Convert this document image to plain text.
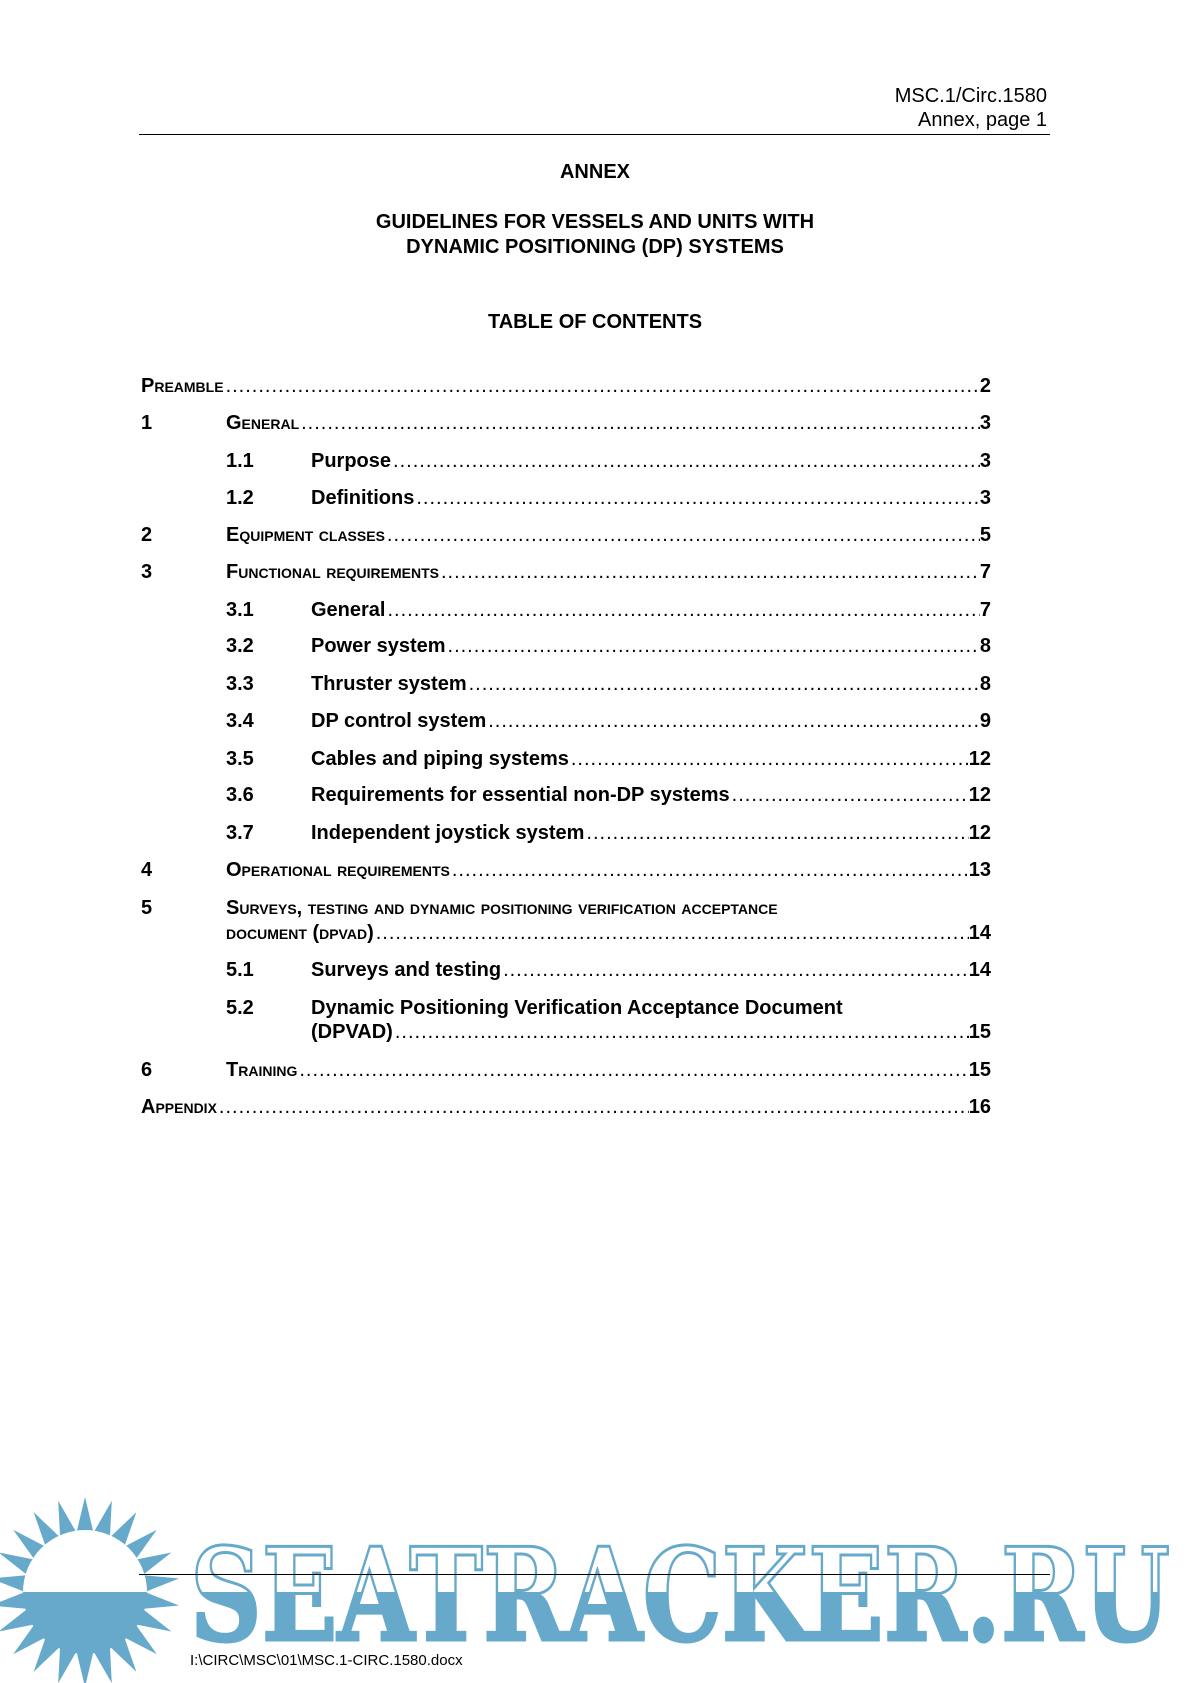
SEATRACKER.RU
MSC.1/Circ.1580
Annex, page 1
ANNEX
GUIDELINES FOR VESSELS AND UNITS WITH
DYNAMIC POSITIONING (DP) SYSTEMS
TABLE OF CONTENTS
Preamble .....	2
1	General .....	3
1.1	Purpose .....	3
1.2	Definitions .....	3
2	Equipment classes .....	5
3	Functional requirements .....	7
3.1	General .....	7
3.2	Power system .....	8
3.3	Thruster system .....	8
3.4	DP control system .....	9
3.5	Cables and piping systems .....	12
3.6	Requirements for essential non-DP systems .....	12
3.7	Independent joystick system .....	12
4	Operational requirements .....	13
5	Surveys, testing and dynamic positioning verification acceptance
document (dpvad) .....	14
5.1	Surveys and testing .....	14
5.2	Dynamic Positioning Verification Acceptance Document
(DPVAD) .....	15
6	Training .....	15
Appendix .....	16
I:\CIRC\MSC\01\MSC.1-CIRC.1580.docx
